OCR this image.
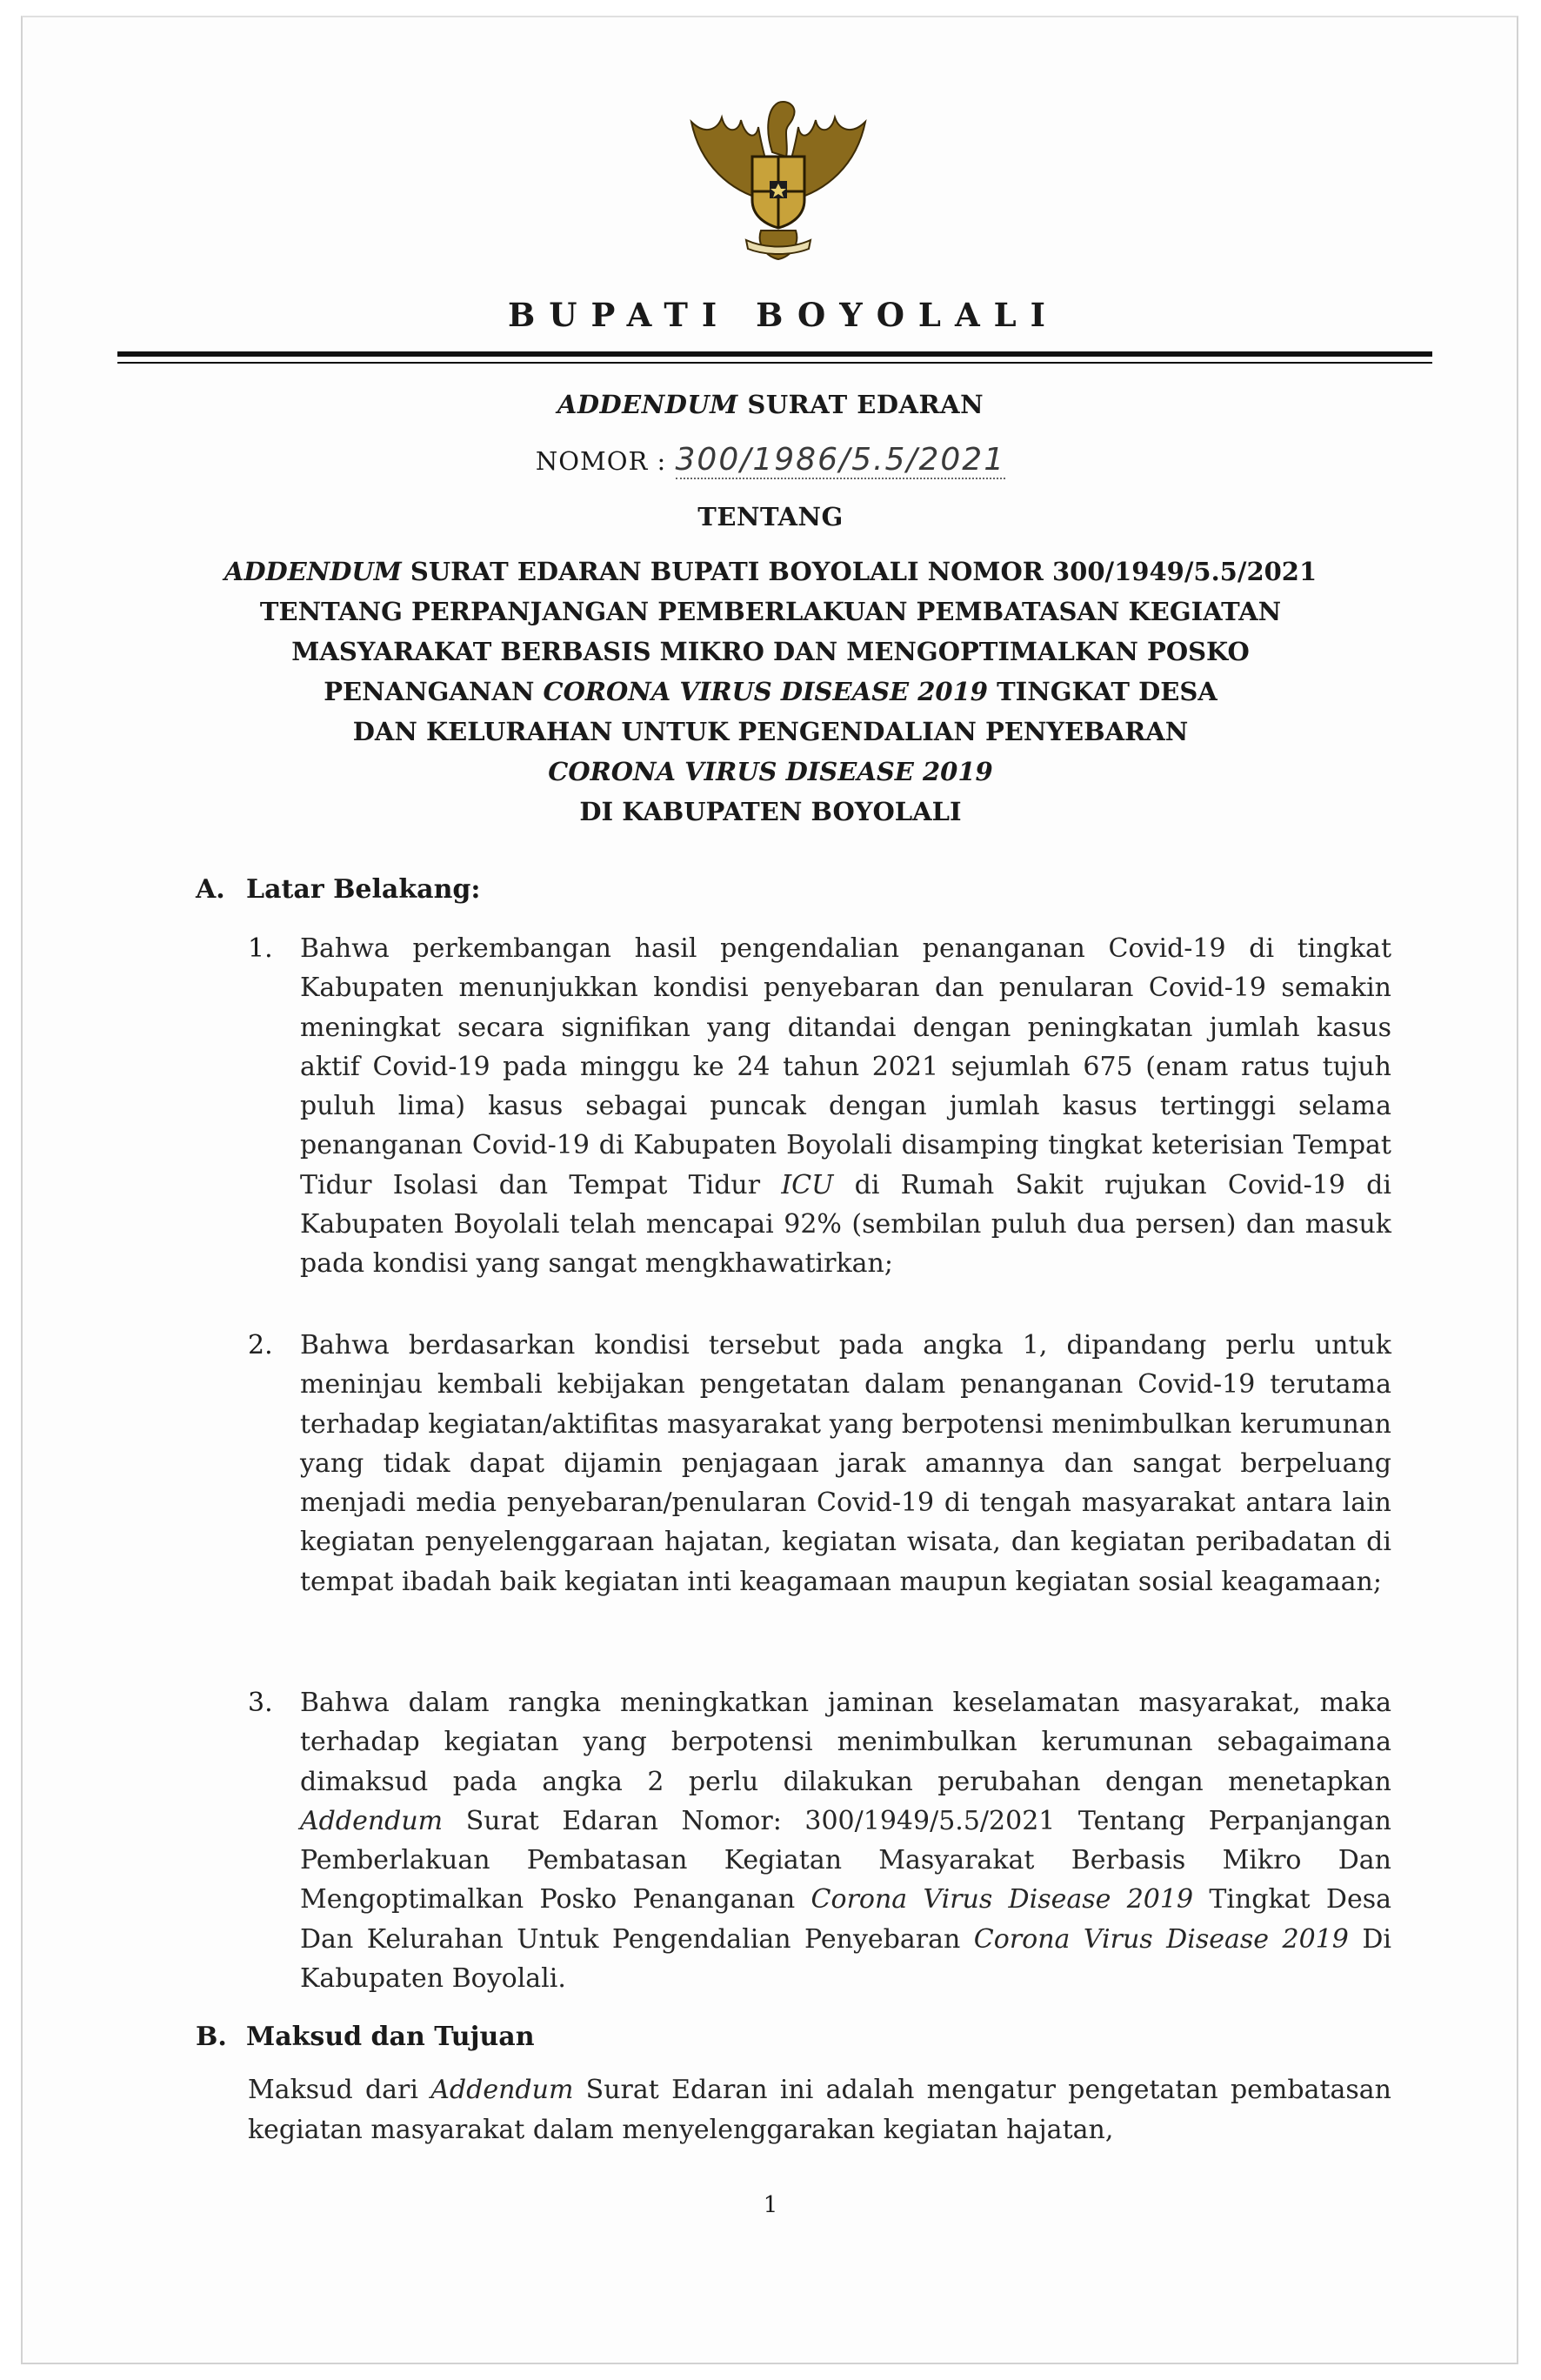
BUPATI BOYOLALI
ADDENDUM SURAT EDARAN
NOMOR : 300/1986/5.5/2021
TENTANG
ADDENDUM SURAT EDARAN BUPATI BOYOLALI NOMOR 300/1949/5.5/2021
TENTANG PERPANJANGAN PEMBERLAKUAN PEMBATASAN KEGIATAN
MASYARAKAT BERBASIS MIKRO DAN MENGOPTIMALKAN POSKO
PENANGANAN CORONA VIRUS DISEASE 2019 TINGKAT DESA
DAN KELURAHAN UNTUK PENGENDALIAN PENYEBARAN
CORONA VIRUS DISEASE 2019
DI KABUPATEN BOYOLALI
A. Latar Belakang:
1. Bahwa perkembangan hasil pengendalian penanganan Covid-19 di tingkat Kabupaten menunjukkan kondisi penyebaran dan penularan Covid-19 semakin meningkat secara signifikan yang ditandai dengan peningkatan jumlah kasus aktif Covid-19 pada minggu ke 24 tahun 2021 sejumlah 675 (enam ratus tujuh puluh lima) kasus sebagai puncak dengan jumlah kasus tertinggi selama penanganan Covid-19 di Kabupaten Boyolali disamping tingkat keterisian Tempat Tidur Isolasi dan Tempat Tidur ICU di Rumah Sakit rujukan Covid-19 di Kabupaten Boyolali telah mencapai 92% (sembilan puluh dua persen) dan masuk pada kondisi yang sangat mengkhawatirkan;
2. Bahwa berdasarkan kondisi tersebut pada angka 1, dipandang perlu untuk meninjau kembali kebijakan pengetatan dalam penanganan Covid-19 terutama terhadap kegiatan/aktifitas masyarakat yang berpotensi menimbulkan kerumunan yang tidak dapat dijamin penjagaan jarak amannya dan sangat berpeluang menjadi media penyebaran/penularan Covid-19 di tengah masyarakat antara lain kegiatan penyelenggaraan hajatan, kegiatan wisata, dan kegiatan peribadatan di tempat ibadah baik kegiatan inti keagamaan maupun kegiatan sosial keagamaan;
3. Bahwa dalam rangka meningkatkan jaminan keselamatan masyarakat, maka terhadap kegiatan yang berpotensi menimbulkan kerumunan sebagaimana dimaksud pada angka 2 perlu dilakukan perubahan dengan menetapkan Addendum Surat Edaran Nomor: 300/1949/5.5/2021 Tentang Perpanjangan Pemberlakuan Pembatasan Kegiatan Masyarakat Berbasis Mikro Dan Mengoptimalkan Posko Penanganan Corona Virus Disease 2019 Tingkat Desa Dan Kelurahan Untuk Pengendalian Penyebaran Corona Virus Disease 2019 Di Kabupaten Boyolali.
B. Maksud dan Tujuan
Maksud dari Addendum Surat Edaran ini adalah mengatur pengetatan pembatasan kegiatan masyarakat dalam menyelenggarakan kegiatan hajatan,
1
